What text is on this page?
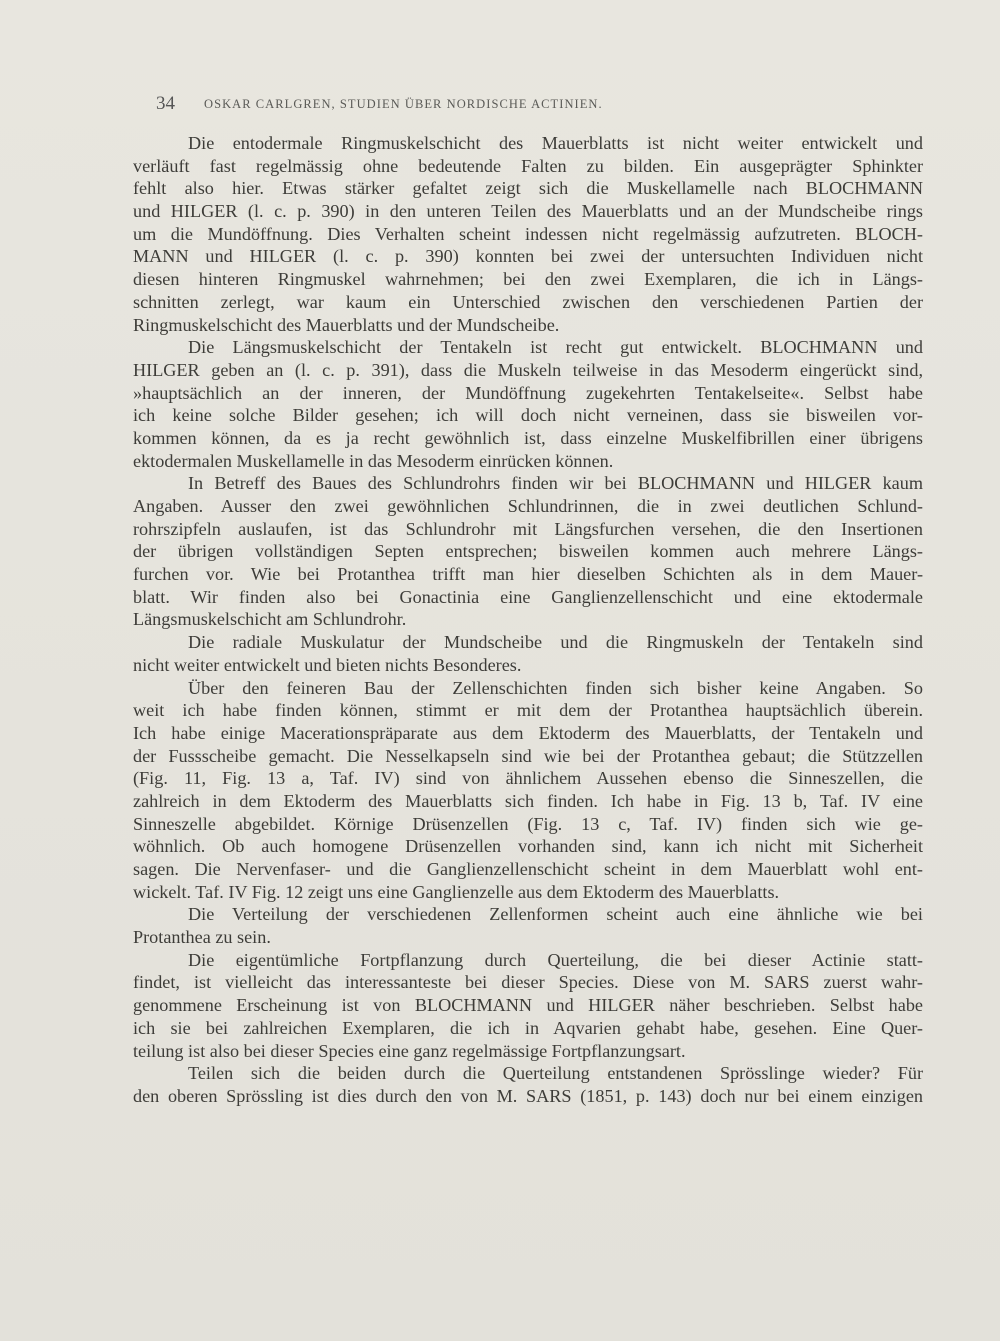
34 OSKAR CARLGREN, STUDIEN ÜBER NORDISCHE ACTINIEN.
Die entodermale Ringmuskelschicht des Mauerblatts ist nicht weiter entwickelt und
verläuft fast regelmässig ohne bedeutende Falten zu bilden. Ein ausgeprägter Sphinkter
fehlt also hier. Etwas stärker gefaltet zeigt sich die Muskellamelle nach BLOCHMANN
und HILGER (l. c. p. 390) in den unteren Teilen des Mauerblatts und an der Mundscheibe rings
um die Mundöffnung. Dies Verhalten scheint indessen nicht regelmässig aufzutreten. BLOCH-
MANN und HILGER (l. c. p. 390) konnten bei zwei der untersuchten Individuen nicht
diesen hinteren Ringmuskel wahrnehmen; bei den zwei Exemplaren, die ich in Längs-
schnitten zerlegt, war kaum ein Unterschied zwischen den verschiedenen Partien der
Ringmuskelschicht des Mauerblatts und der Mundscheibe.
Die Längsmuskelschicht der Tentakeln ist recht gut entwickelt. BLOCHMANN und
HILGER geben an (l. c. p. 391), dass die Muskeln teilweise in das Mesoderm eingerückt sind,
»hauptsächlich an der inneren, der Mundöffnung zugekehrten Tentakelseite«. Selbst habe
ich keine solche Bilder gesehen; ich will doch nicht verneinen, dass sie bisweilen vor-
kommen können, da es ja recht gewöhnlich ist, dass einzelne Muskelfibrillen einer übrigens
ektodermalen Muskellamelle in das Mesoderm einrücken können.
In Betreff des Baues des Schlundrohrs finden wir bei BLOCHMANN und HILGER kaum
Angaben. Ausser den zwei gewöhnlichen Schlundrinnen, die in zwei deutlichen Schlund-
rohrszipfeln auslaufen, ist das Schlundrohr mit Längsfurchen versehen, die den Insertionen
der übrigen vollständigen Septen entsprechen; bisweilen kommen auch mehrere Längs-
furchen vor. Wie bei Protanthea trifft man hier dieselben Schichten als in dem Mauer-
blatt. Wir finden also bei Gonactinia eine Ganglienzellenschicht und eine ektodermale
Längsmuskelschicht am Schlundrohr.
Die radiale Muskulatur der Mundscheibe und die Ringmuskeln der Tentakeln sind
nicht weiter entwickelt und bieten nichts Besonderes.
Über den feineren Bau der Zellenschichten finden sich bisher keine Angaben. So
weit ich habe finden können, stimmt er mit dem der Protanthea hauptsächlich überein.
Ich habe einige Macerationspräparate aus dem Ektoderm des Mauerblatts, der Tentakeln und
der Fussscheibe gemacht. Die Nesselkapseln sind wie bei der Protanthea gebaut; die Stützzellen
(Fig. 11, Fig. 13 a, Taf. IV) sind von ähnlichem Aussehen ebenso die Sinneszellen, die
zahlreich in dem Ektoderm des Mauerblatts sich finden. Ich habe in Fig. 13 b, Taf. IV eine
Sinneszelle abgebildet. Körnige Drüsenzellen (Fig. 13 c, Taf. IV) finden sich wie ge-
wöhnlich. Ob auch homogene Drüsenzellen vorhanden sind, kann ich nicht mit Sicherheit
sagen. Die Nervenfaser- und die Ganglienzellenschicht scheint in dem Mauerblatt wohl ent-
wickelt. Taf. IV Fig. 12 zeigt uns eine Ganglienzelle aus dem Ektoderm des Mauerblatts.
Die Verteilung der verschiedenen Zellenformen scheint auch eine ähnliche wie bei
Protanthea zu sein.
Die eigentümliche Fortpflanzung durch Querteilung, die bei dieser Actinie statt-
findet, ist vielleicht das interessanteste bei dieser Species. Diese von M. SARS zuerst wahr-
genommene Erscheinung ist von BLOCHMANN und HILGER näher beschrieben. Selbst habe
ich sie bei zahlreichen Exemplaren, die ich in Aqvarien gehabt habe, gesehen. Eine Quer-
teilung ist also bei dieser Species eine ganz regelmässige Fortpflanzungsart.
Teilen sich die beiden durch die Querteilung entstandenen Sprösslinge wieder? Für
den oberen Sprössling ist dies durch den von M. SARS (1851, p. 143) doch nur bei einem einzigen
